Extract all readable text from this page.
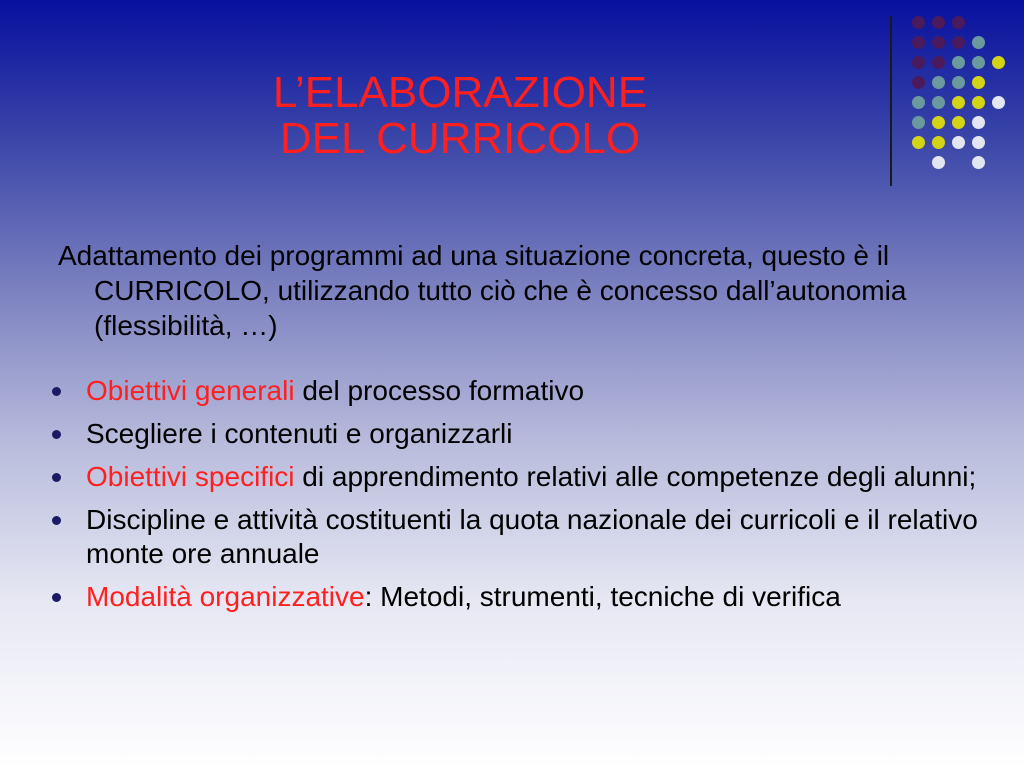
L’ELABORAZIONE
DEL CURRICOLO
Adattamento dei programmi ad una situazione concreta, questo è il CURRICOLO, utilizzando tutto ciò che è concesso dall’autonomia (flessibilità, …)
Obiettivi generali del processo formativo
Scegliere i contenuti e organizzarli
Obiettivi specifici di apprendimento relativi alle competenze degli alunni;
Discipline e attività costituenti la quota nazionale dei curricoli e il relativo monte ore annuale
Modalità organizzative: Metodi, strumenti, tecniche di verifica
